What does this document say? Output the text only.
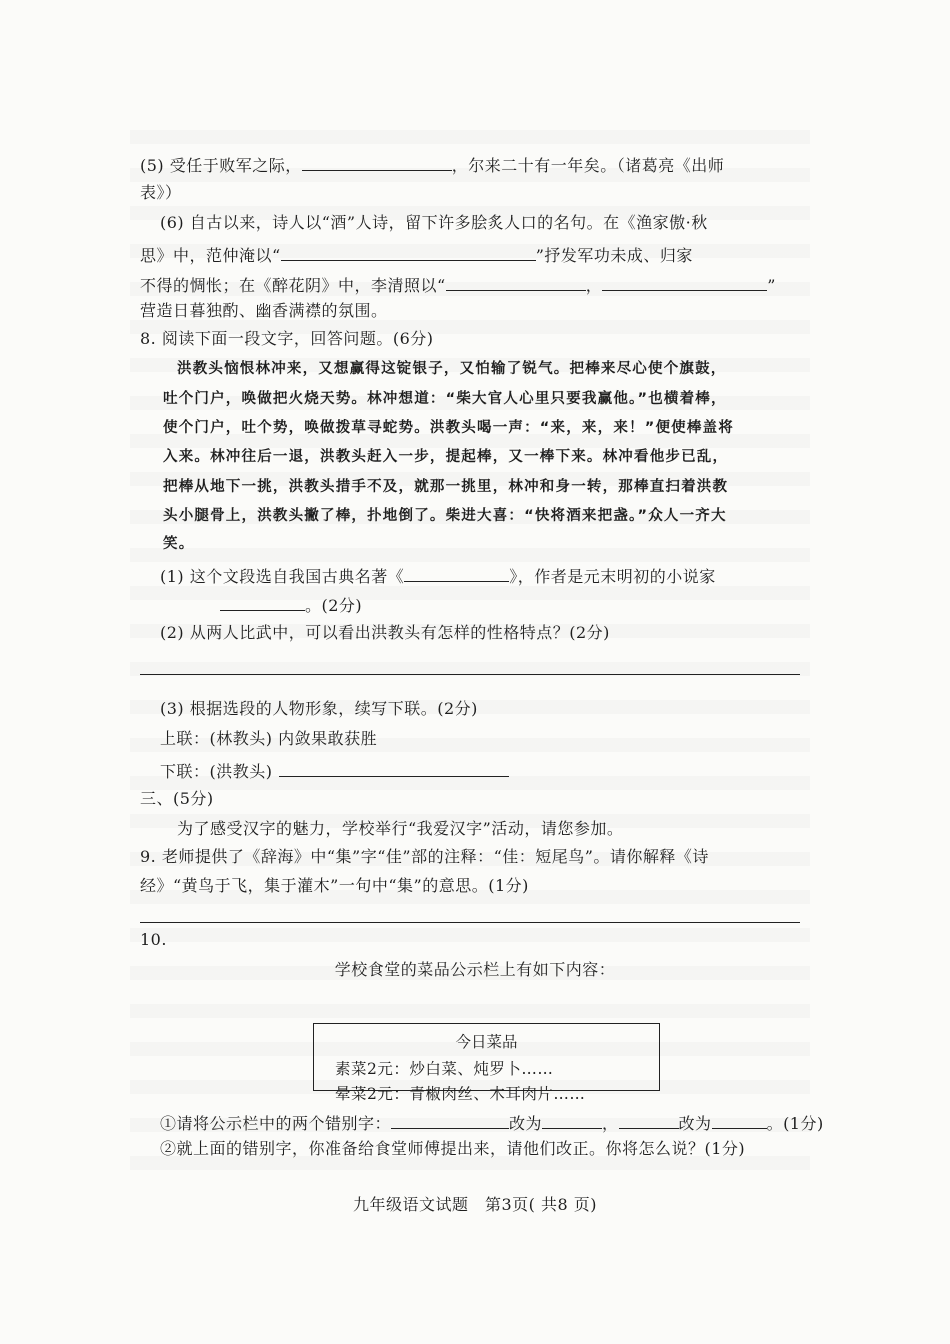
(5) 受任于败军之际，	，尔来二十有一年矣。（诸葛亮《出师
表》）
(6) 自古以来，诗人以“酒”人诗，留下许多脍炙人口的名句。在《渔家傲·秋
思》中，范仲淹以“	”抒发军功未成、归家
不得的惆怅；在《醉花阴》中，李清照以“	，	”
营造日暮独酌、幽香满襟的氛围。
8. 阅读下面一段文字，回答问题。(6分)
洪教头恼恨林冲来，又想赢得这锭银子，又怕输了锐气。把棒来尽心使个旗鼓，
吐个门户，唤做把火烧天势。林冲想道：“柴大官人心里只要我赢他。”也横着棒，
使个门户，吐个势，唤做拨草寻蛇势。洪教头喝一声：“来，来，来！”便使棒盖将
入来。林冲往后一退，洪教头赶入一步，提起棒，又一棒下来。林冲看他步已乱，
把棒从地下一挑，洪教头措手不及，就那一挑里，林冲和身一转，那棒直扫着洪教
头小腿骨上，洪教头撇了棒，扑地倒了。柴进大喜：“快将酒来把盏。”众人一齐大
笑。
(1) 这个文段选自我国古典名著《	》，作者是元末明初的小说家
。(2分)
(2) 从两人比武中，可以看出洪教头有怎样的性格特点？(2分)
(3) 根据选段的人物形象，续写下联。(2分)
上联：(林教头) 内敛果敢获胜
下联：(洪教头)
三、(5分)
为了感受汉字的魅力，学校举行“我爱汉字”活动，请您参加。
9. 老师提供了《辞海》中“集”字“佳”部的注释：“佳：短尾鸟”。请你解释《诗
经》“黄鸟于飞，集于灌木”一句中“集”的意思。(1分)
10.
学校食堂的菜品公示栏上有如下内容：
今日菜品
素菜2元：炒白菜、炖罗卜……
晕菜2元：青椒肉丝、木耳肉片……
①请将公示栏中的两个错别字：	改为	，	改为	。(1分)
②就上面的错别字，你准备给食堂师傅提出来，请他们改正。你将怎么说？(1分)
九年级语文试题　第3页( 共8 页)
